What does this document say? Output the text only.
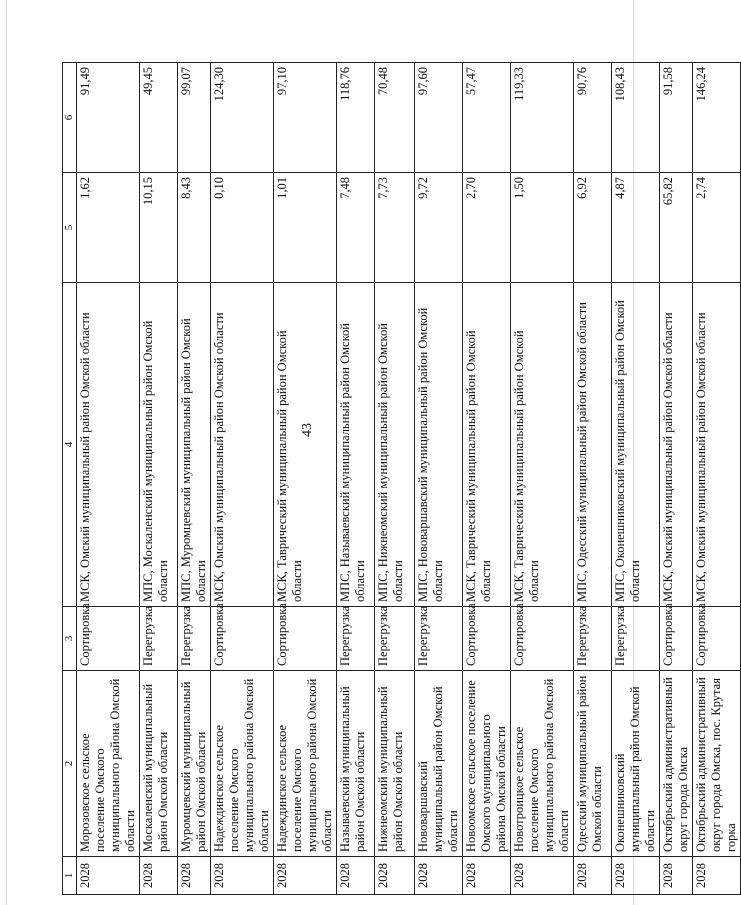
43
1	2	3	4	5	6
2028	Морозовское сельское поселение Омского муниципального района Омской области	Сортировка	МСК, Омский муниципальный район Омской области	1,62	91,49
2028	Москаленский муниципальный район Омской области	Перегрузка	МПС, Москаленский муниципальный район Омской области	10,15	49,45
2028	Муромцевский муниципальный район Омской области	Перегрузка	МПС, Муромцевский муниципальный район Омской области	8,43	99,07
2028	Надеждинское сельское поселение Омского муниципального района Омской области	Сортировка	МСК, Омский муниципальный район Омской области	0,10	124,30
2028	Надеждинское сельское поселение Омского муниципального района Омской области	Сортировка	МСК, Таврический муниципальный район Омской области	1,01	97,10
2028	Называевский муниципальный район Омской области	Перегрузка	МПС, Называевский муниципальный район Омской области	7,48	118,76
2028	Нижнеомский муниципальный район Омской области	Перегрузка	МПС, Нижнеомский муниципальный район Омской области	7,73	70,48
2028	Нововаршавский муниципальный район Омской области	Перегрузка	МПС, Нововаршавский муниципальный район Омской области	9,72	97,60
2028	Новоомское сельское поселение Омского муниципального района Омской области	Сортировка	МСК, Таврический муниципальный район Омской области	2,70	57,47
2028	Новотроицкое сельское поселение Омского муниципального района Омской области	Сортировка	МСК, Таврический муниципальный район Омской области	1,50	119,33
2028	Одесский муниципальный район Омской области	Перегрузка	МПС, Одесский муниципальный район Омской области	6,92	90,76
2028	Оконешниковский муниципальный район Омской области	Перегрузка	МПС, Оконешниковский муниципальный район Омской области	4,87	108,43
2028	Октябрьский административный округ города Омска	Сортировка	МСК, Омский муниципальный район Омской области	65,82	91,58
2028	Октябрьский административный округ города Омска, пос. Крутая горка	Сортировка	МСК, Омский муниципальный район Омской области	2,74	146,24
